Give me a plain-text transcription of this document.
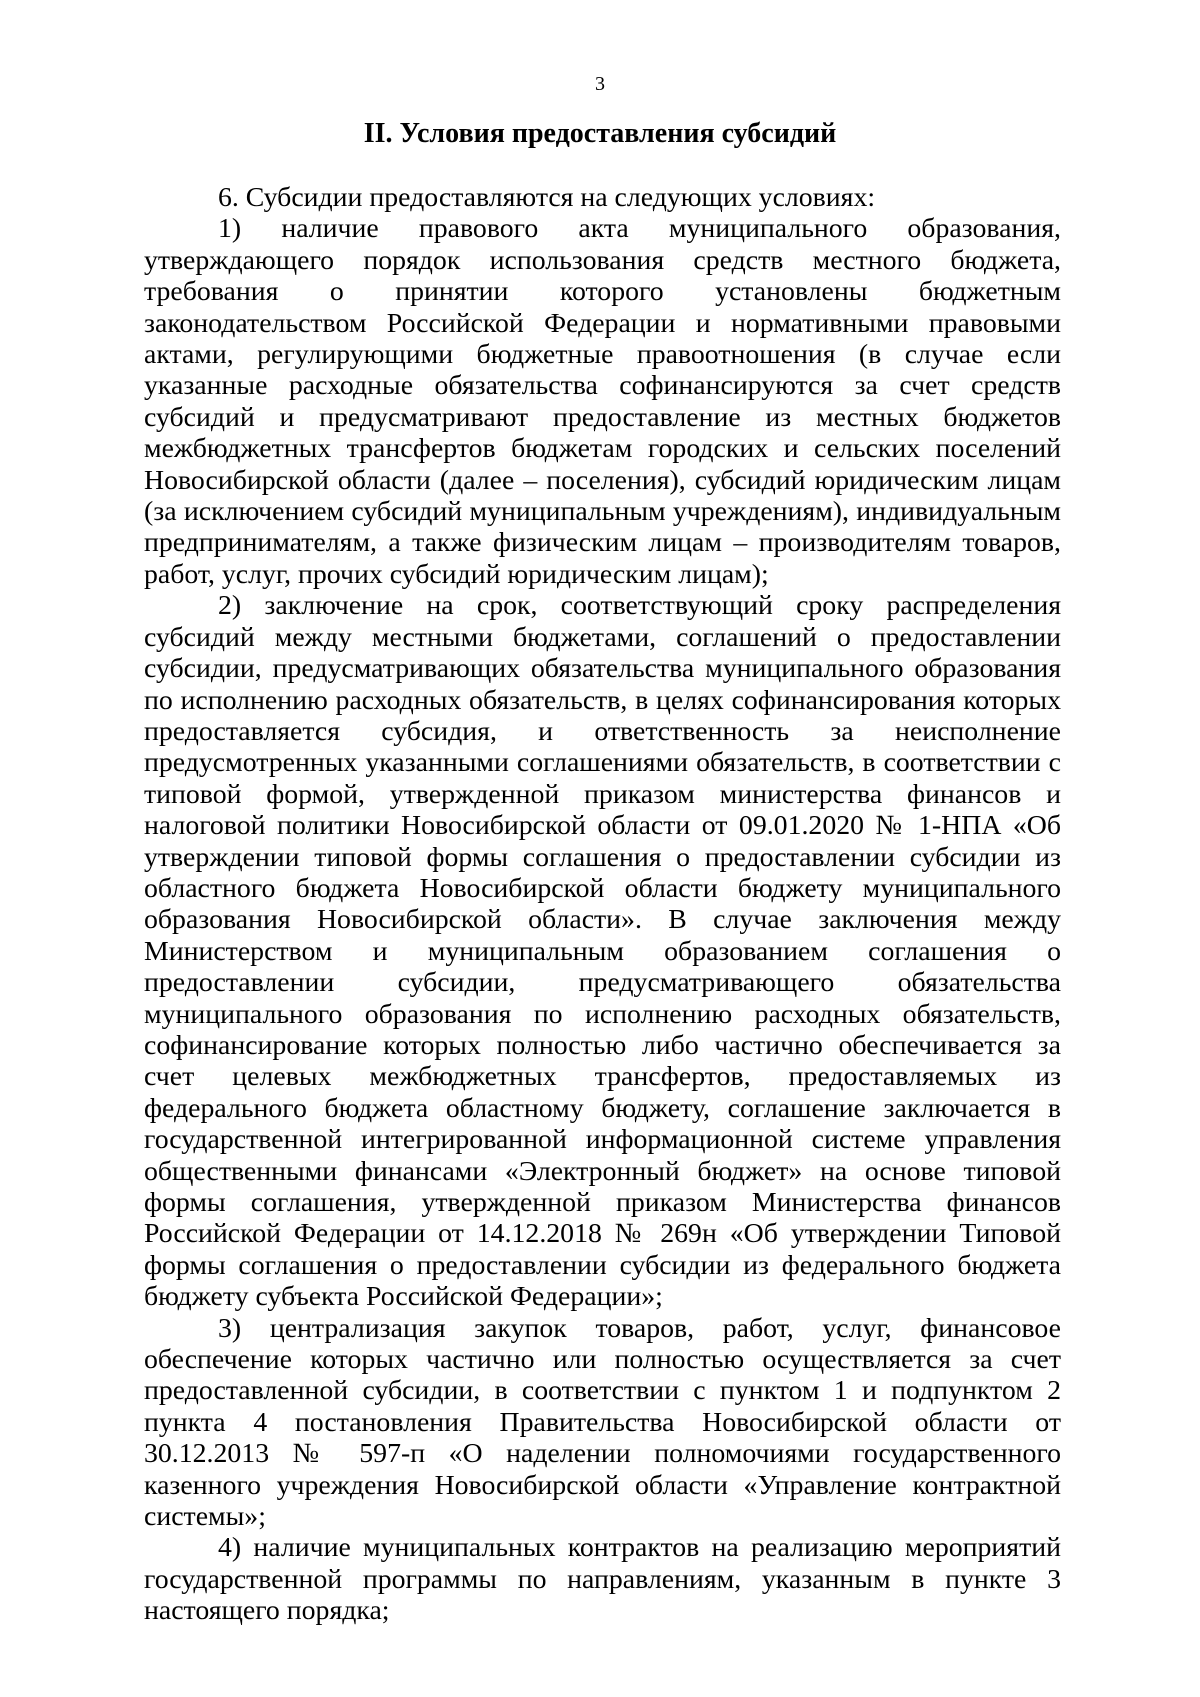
3
II. Условия предоставления субсидий

6. Субсидии предоставляются на следующих условиях:

1) наличие правового акта муниципального образования, утверждающего порядок использования средств местного бюджета, требования о принятии которого установлены бюджетным законодательством Российской Федерации и нормативными правовыми актами, регулирующими бюджетные правоотношения (в случае если указанные расходные обязательства софинансируются за счет средств субсидий и предусматривают предоставление из местных бюджетов межбюджетных трансфертов бюджетам городских и сельских поселений Новосибирской области (далее – поселения), субсидий юридическим лицам (за исключением субсидий муниципальным учреждениям), индивидуальным предпринимателям, а также физическим лицам – производителям товаров, работ, услуг, прочих субсидий юридическим лицам);

2) заключение на срок, соответствующий сроку распределения субсидий между местными бюджетами, соглашений о предоставлении субсидии, предусматривающих обязательства муниципального образования по исполнению расходных обязательств, в целях софинансирования которых предоставляется субсидия, и ответственность за неисполнение предусмотренных указанными соглашениями обязательств, в соответствии с типовой формой, утвержденной приказом министерства финансов и налоговой политики Новосибирской области от 09.01.2020 № 1-НПА «Об утверждении типовой формы соглашения о предоставлении субсидии из областного бюджета Новосибирской области бюджету муниципального образования Новосибирской области». В случае заключения между Министерством и муниципальным образованием соглашения о предоставлении субсидии, предусматривающего обязательства муниципального образования по исполнению расходных обязательств, софинансирование которых полностью либо частично обеспечивается за счет целевых межбюджетных трансфертов, предоставляемых из федерального бюджета областному бюджету, соглашение заключается в государственной интегрированной информационной системе управления общественными финансами «Электронный бюджет» на основе типовой формы соглашения, утвержденной приказом Министерства финансов Российской Федерации от 14.12.2018 № 269н «Об утверждении Типовой формы соглашения о предоставлении субсидии из федерального бюджета бюджету субъекта Российской Федерации»;

3) централизация закупок товаров, работ, услуг, финансовое обеспечение которых частично или полностью осуществляется за счет предоставленной субсидии, в соответствии с пунктом 1 и подпунктом 2 пункта 4 постановления Правительства Новосибирской области от 30.12.2013 № 597-п «О наделении полномочиями государственного казенного учреждения Новосибирской области «Управление контрактной системы»;

4) наличие муниципальных контрактов на реализацию мероприятий государственной программы по направлениям, указанным в пункте 3 настоящего порядка;
